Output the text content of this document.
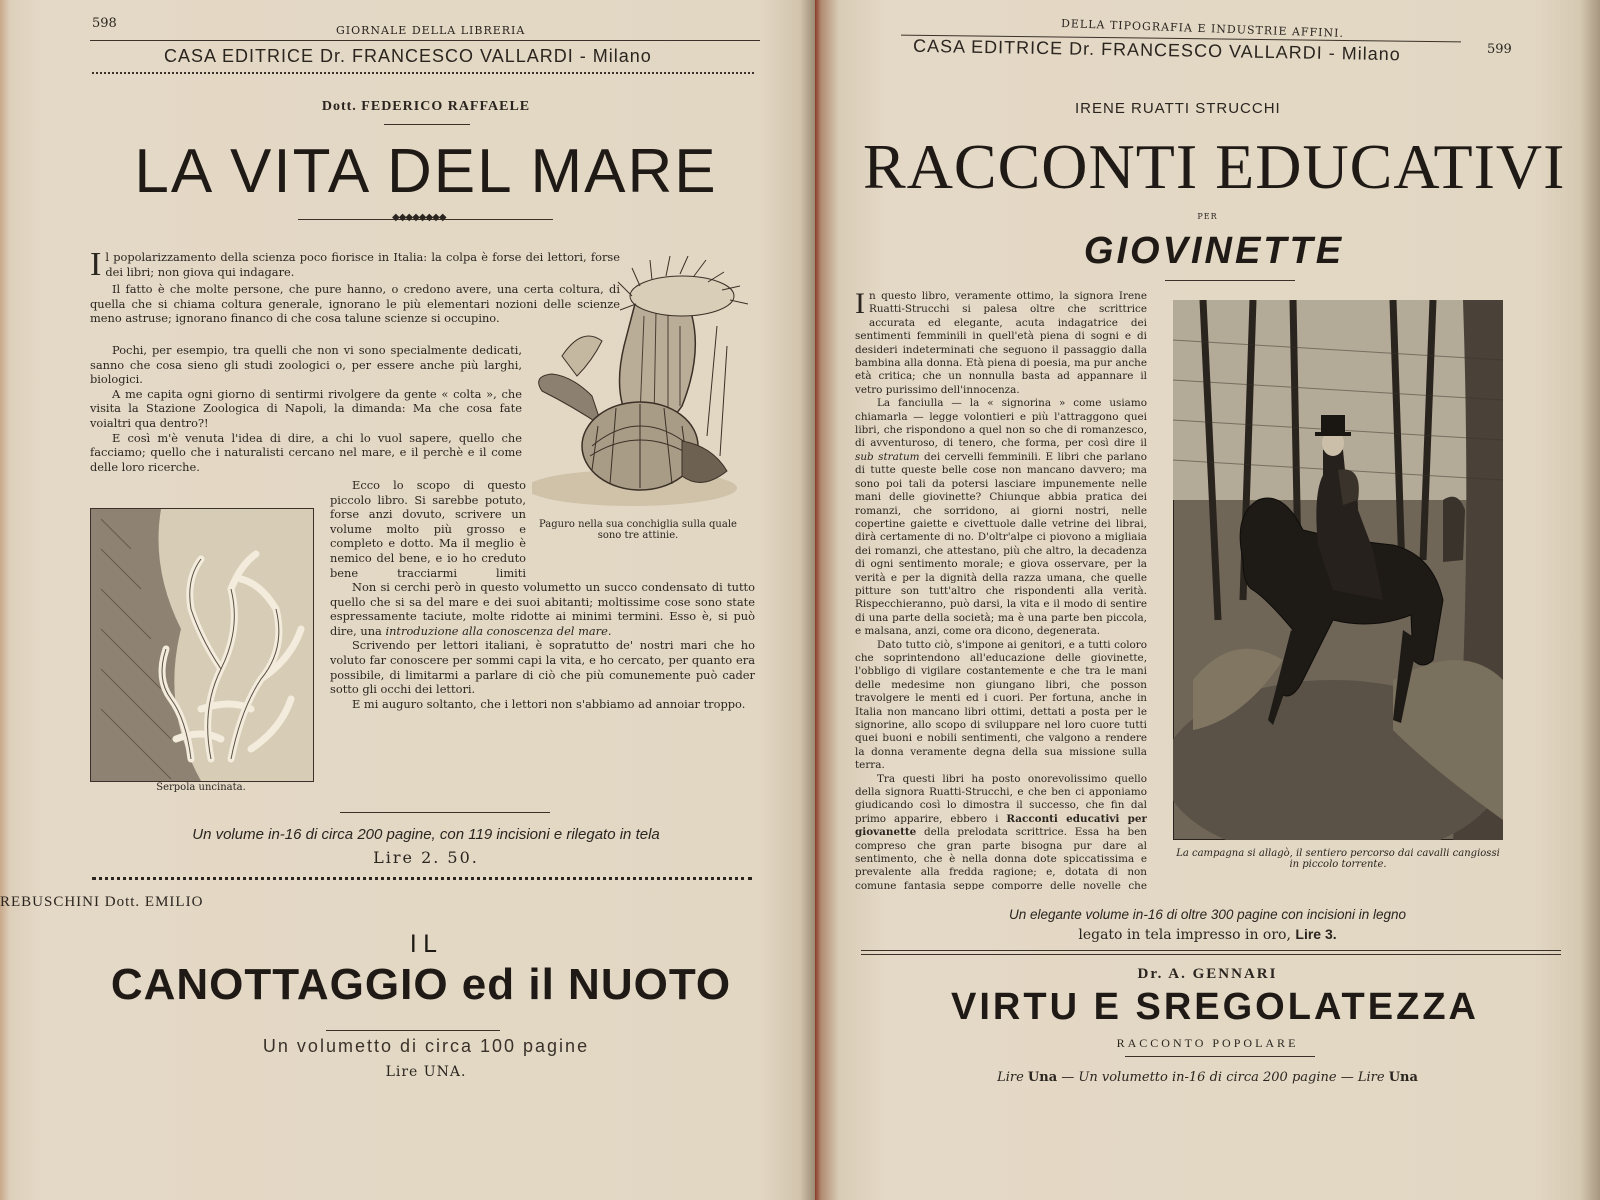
598	GIORNALE DELLA LIBRERIA
CASA EDITRICE Dr. FRANCESCO VALLARDI - Milano
Dott. FEDERICO RAFFAELE
LA VITA DEL MARE
◆◆◆◆◆◆◆◆
Paguro nella sua conchiglia sulla quale sono tre attinie.
Serpola uncinata.

Il popolarizzamento della scienza poco fiorisce in Italia: la colpa è forse dei lettori, forse dei libri; non giova qui indagare.

Il fatto è che molte persone, che pure hanno, o credono avere, una certa coltura, di quella che si chiama coltura generale, ignorano le più elementari nozioni delle scienze meno astruse; ignorano financo di che cosa talune scienze si occupino.

Pochi, per esempio, tra quelli che non vi sono specialmente dedicati, sanno che cosa sieno gli studi zoologici o, per essere anche più larghi, biologici.

A me capita ogni giorno di sentirmi rivolgere da gente « colta », che visita la Stazione Zoologica di Napoli, la dimanda: Ma che cosa fate voialtri qua dentro?!

E così m'è venuta l'idea di dire, a chi lo vuol sapere, quello che facciamo; quello che i naturalisti cercano nel mare, e il perchè e il come delle loro ricerche.

Ecco lo scopo di questo piccolo libro. Si sarebbe potuto, forse anzi dovuto, scrivere un volume molto più grosso e completo e dotto. Ma il meglio è nemico del bene, e io ho creduto bene tracciarmi limiti

Non si cerchi però in questo volumetto un succo condensato di tutto quello che si sa del mare e dei suoi abitanti; moltissime cose sono state espressamente taciute, molte ridotte ai minimi termini. Esso è, si può dire, una introduzione alla conoscenza del mare.

Scrivendo per lettori italiani, è sopratutto de' nostri mari che ho voluto far conoscere per sommi capi la vita, e ho cercato, per quanto era possibile, di limitarmi a parlare di ciò che più comunemente può cader sotto gli occhi dei lettori.

E mi auguro soltanto, che i lettori non s'abbiamo ad annoiar troppo.

Un volume in-16 di circa 200 pagine, con 119 incisioni e rilegato in tela
Lire 2. 50.
REBUSCHINI Dott. EMILIO
IL
CANOTTAGGIO ed il NUOTO
Un volumetto di circa 100 pagine
Lire UNA.
DELLA TIPOGRAFIA E INDUSTRIE AFFINI.
599
CASA EDITRICE Dr. FRANCESCO VALLARDI - Milano
IRENE RUATTI STRUCCHI
RACCONTI EDUCATIVI
PER
GIOVINETTE

In questo libro, veramente ottimo, la signora Irene Ruatti-Strucchi si palesa oltre che scrittrice accurata ed elegante, acuta indagatrice dei sentimenti femminili in quell'età piena di sogni e di desideri indeterminati che seguono il passaggio dalla bambina alla donna. Età piena di poesia, ma pur anche età critica; che un nonnulla basta ad appannare il vetro purissimo dell'innocenza.

La fanciulla — la « signorina » come usiamo chiamarla — legge volontieri e più l'attraggono quei libri, che rispondono a quel non so che di romanzesco, di avventuroso, di tenero, che forma, per così dire il sub stratum dei cervelli femminili. E libri che parlano di tutte queste belle cose non mancano davvero; ma sono poi tali da potersi lasciare impunemente nelle mani delle giovinette? Chiunque abbia pratica dei romanzi, che sorridono, ai giorni nostri, nelle copertine gaiette e civettuole dalle vetrine dei librai, dirà certamente di no. D'oltr'alpe ci piovono a migliaia dei romanzi, che attestano, più che altro, la decadenza di ogni sentimento morale; e giova osservare, per la verità e per la dignità della razza umana, che quelle pitture son tutt'altro che rispondenti alla verità. Rispecchieranno, può darsi, la vita e il modo di sentire di una parte della società; ma è una parte ben piccola, e malsana, anzi, come ora dicono, degenerata.

Dato tutto ciò, s'impone ai genitori, e a tutti coloro che soprintendono all'educazione delle giovinette, l'obbligo di vigilare costantemente e che tra le mani delle medesime non giungano libri, che posson travolgere le menti ed i cuori. Per fortuna, anche in Italia non mancano libri ottimi, dettati a posta per le signorine, allo scopo di sviluppare nel loro cuore tutti quei buoni e nobili sentimenti, che valgono a rendere la donna veramente degna della sua missione sulla terra.

Tra questi libri ha posto onorevolissimo quello della signora Ruatti-Strucchi, e che ben ci apponiamo giudicando così lo dimostra il successo, che fin dal primo apparire, ebbero i Racconti educativi per giovanette della prelodata scrittrice. Essa ha ben compreso che gran parte bisogna pur dare al sentimento, che è nella donna dote spiccatissima e prevalente alla fredda ragione; e, dotata di non comune fantasia seppe comporre delle novelle che

La campagna si allagò, il sentiero percorso dai cavalli cangiossi in piccolo torrente.
Un elegante volume in-16 di oltre 300 pagine con incisioni in legno
legato in tela impresso in oro, Lire 3.
Dr. A. GENNARI
VIRTU E SREGOLATEZZA
RACCONTO POPOLARE
Lire Una — Un volumetto in-16 di circa 200 pagine — Lire Una
